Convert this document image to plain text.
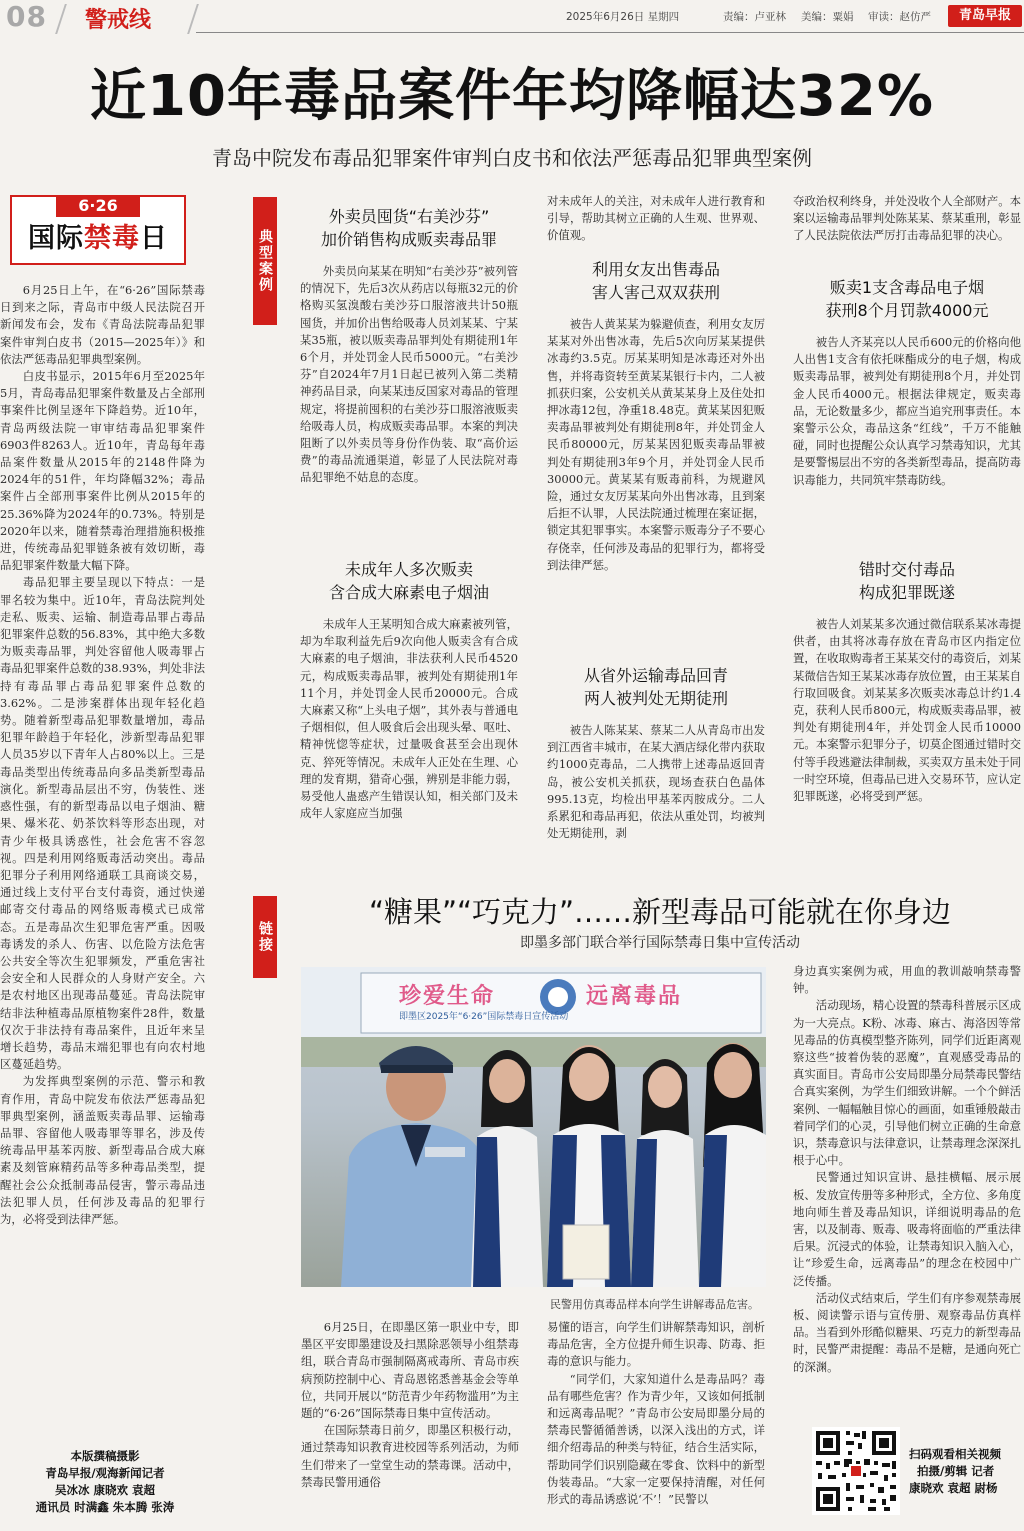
08 警戒线	2025年6月26日 星期四	责编：卢亚林 美编：粟娟 审读：赵仿严	青岛早报
近10年毒品案件年均降幅达32%
青岛中院发布毒品犯罪案件审判白皮书和依法严惩毒品犯罪典型案例
6·26
国际禁毒日

6月25日上午，在“6·26”国际禁毒日到来之际，青岛市中级人民法院召开新闻发布会，发布《青岛法院毒品犯罪案件审判白皮书（2015—2025年）》和依法严惩毒品犯罪典型案例。

白皮书显示，2015年6月至2025年5月，青岛毒品犯罪案件数量及占全部刑事案件比例呈逐年下降趋势。近10年，青岛两级法院一审审结毒品犯罪案件6903件8263人。近10年，青岛每年毒品案件数量从2015年的2148件降为2024年的51件，年均降幅32%；毒品案件占全部刑事案件比例从2015年的25.36%降为2024年的0.73%。特别是2020年以来，随着禁毒治理措施积极推进，传统毒品犯罪链条被有效切断，毒品犯罪案件数量大幅下降。

毒品犯罪主要呈现以下特点：一是罪名较为集中。近10年，青岛法院判处走私、贩卖、运输、制造毒品罪占毒品犯罪案件总数的56.83%，其中绝大多数为贩卖毒品罪，判处容留他人吸毒罪占毒品犯罪案件总数的38.93%，判处非法持有毒品罪占毒品犯罪案件总数的3.62%。二是涉案群体出现年轻化趋势。随着新型毒品犯罪数量增加，毒品犯罪年龄趋于年轻化，涉新型毒品犯罪人员35岁以下青年人占80%以上。三是毒品类型出传统毒品向多品类新型毒品演化。新型毒品层出不穷，伪装性、迷惑性强，有的新型毒品以电子烟油、糖果、爆米花、奶茶饮料等形态出现，对青少年极具诱惑性，社会危害不容忽视。四是利用网络贩毒活动突出。毒品犯罪分子利用网络通联工具商谈交易，通过线上支付平台支付毒资，通过快递邮寄交付毒品的网络贩毒模式已成常态。五是毒品次生犯罪危害严重。因吸毒诱发的杀人、伤害、以危险方法危害公共安全等次生犯罪频发，严重危害社会安全和人民群众的人身财产安全。六是农村地区出现毒品蔓延。青岛法院审结非法种植毒品原植物案件28件，数量仅次于非法持有毒品案件，且近年来呈增长趋势，毒品末端犯罪也有向农村地区蔓延趋势。

为发挥典型案例的示范、警示和教育作用，青岛中院发布依法严惩毒品犯罪典型案例，涵盖贩卖毒品罪、运输毒品罪、容留他人吸毒罪等罪名，涉及传统毒品甲基苯丙胺、新型毒品合成大麻素及刻管麻精药品等多种毒品类型，提醒社会公众抵制毒品侵害，警示毒品违法犯罪人员，任何涉及毒品的犯罪行为，必将受到法律严惩。

本版撰稿摄影
青岛早报/观海新闻记者
吴冰冰 康晓欢 袁超
通讯员 时满鑫 朱本腾 张涛
典型案例
链接
外卖员囤货“右美沙芬”
加价销售构成贩卖毒品罪

外卖员向某某在明知“右美沙芬”被列管的情况下，先后3次从药店以每瓶32元的价格购买氢溴酸右美沙芬口服溶液共计50瓶囤货，并加价出售给吸毒人员刘某某、宁某某35瓶，被以贩卖毒品罪判处有期徒刑1年6个月，并处罚金人民币5000元。“右美沙芬”自2024年7月1日起已被列入第二类精神药品目录，向某某违反国家对毒品的管理规定，将提前囤积的右美沙芬口服溶液贩卖给吸毒人员，构成贩卖毒品罪。本案的判决阻断了以外卖员等身份作伪装、取“高价运费”的毒品流通渠道，彰显了人民法院对毒品犯罪绝不姑息的态度。

未成年人多次贩卖
含合成大麻素电子烟油

未成年人王某明知合成大麻素被列管，却为牟取利益先后9次向他人贩卖含有合成大麻素的电子烟油，非法获利人民币4520元，构成贩卖毒品罪，被判处有期徒刑1年11个月，并处罚金人民币20000元。合成大麻素又称“上头电子烟”，其外表与普通电子烟相似，但人吸食后会出现头晕、呕吐、精神恍惚等症状，过量吸食甚至会出现休克、猝死等情况。未成年人正处在生理、心理的发育期，猎奇心强，辨别是非能力弱，易受他人蛊惑产生错误认知，相关部门及未成年人家庭应当加强

对未成年人的关注，对未成年人进行教育和引导，帮助其树立正确的人生观、世界观、价值观。

利用女友出售毒品
害人害己双双获刑

被告人黄某某为躲避侦查，利用女友厉某某对外出售冰毒，先后5次向厉某某提供冰毒约3.5克。厉某某明知是冰毒还对外出售，并将毒资转至黄某某银行卡内，二人被抓获归案，公安机关从黄某某身上及住处扣押冰毒12包，净重18.48克。黄某某因犯贩卖毒品罪被判处有期徒刑8年，并处罚金人民币80000元，厉某某因犯贩卖毒品罪被判处有期徒刑3年9个月，并处罚金人民币30000元。黄某某有贩毒前科，为规避风险，通过女友厉某某向外出售冰毒，且到案后拒不认罪，人民法院通过梳理在案证据，锁定其犯罪事实。本案警示贩毒分子不要心存侥幸，任何涉及毒品的犯罪行为，都将受到法律严惩。

从省外运输毒品回青
两人被判处无期徒刑

被告人陈某某、蔡某二人从青岛市出发到江西省丰城市，在某大酒店绿化带内获取约1000克毒品，二人携带上述毒品返回青岛，被公安机关抓获，现场查获白色晶体995.13克，均检出甲基苯丙胺成分。二人系累犯和毒品再犯，依法从重处罚，均被判处无期徒刑，剥

夺政治权利终身，并处没收个人全部财产。本案以运输毒品罪判处陈某某、蔡某重刑，彰显了人民法院依法严厉打击毒品犯罪的决心。

贩卖1支含毒品电子烟
获刑8个月罚款4000元

被告人齐某亮以人民币600元的价格向他人出售1支含有依托咪酯成分的电子烟，构成贩卖毒品罪，被判处有期徒刑8个月，并处罚金人民币4000元。根据法律规定，贩卖毒品，无论数量多少，都应当追究刑事责任。本案警示公众，毒品这条“红线”，千万不能触碰，同时也提醒公众认真学习禁毒知识，尤其是要警惕层出不穷的各类新型毒品，提高防毒识毒能力，共同筑牢禁毒防线。

错时交付毒品
构成犯罪既遂

被告人刘某某多次通过微信联系某冰毒提供者，由其将冰毒存放在青岛市区内指定位置，在收取购毒者王某某交付的毒资后，刘某某微信告知王某某冰毒存放位置，由王某某自行取回吸食。刘某某多次贩卖冰毒总计约1.4克，获利人民币800元，构成贩卖毒品罪，被判处有期徒刑4年，并处罚金人民币10000元。本案警示犯罪分子，切莫企图通过错时交付等手段逃避法律制裁，买卖双方虽未处于同一时空环境，但毒品已进入交易环节，应认定犯罪既遂，必将受到严惩。

“糖果”“巧克力”……新型毒品可能就在你身边
即墨多部门联合举行国际禁毒日集中宣传活动
珍爱生命	远离毒品
即墨区2025年“6·26”国际禁毒日宣传活动
民警用仿真毒品样本向学生讲解毒品危害。

6月25日，在即墨区第一职业中专，即墨区平安即墨建设及扫黑除恶领导小组禁毒组，联合青岛市强制隔离戒毒所、青岛市疾病预防控制中心、青岛恩铭悉善基金会等单位，共同开展以“防范青少年药物滥用”为主题的“6·26”国际禁毒日集中宣传活动。

在国际禁毒日前夕，即墨区积极行动，通过禁毒知识教育进校园等系列活动，为师生们带来了一堂堂生动的禁毒课。活动中，禁毒民警用通俗

易懂的语言，向学生们讲解禁毒知识，剖析毒品危害，全方位提升师生识毒、防毒、拒毒的意识与能力。

“同学们，大家知道什么是毒品吗？毒品有哪些危害？作为青少年，又该如何抵制和远离毒品呢？”青岛市公安局即墨分局的禁毒民警循循善诱，以深入浅出的方式，详细介绍毒品的种类与特征，结合生活实际，帮助同学们识别隐藏在零食、饮料中的新型伪装毒品。“大家一定要保持清醒，对任何形式的毒品诱惑说‘不’！”民警以

身边真实案例为戒，用血的教训敲响禁毒警钟。

活动现场，精心设置的禁毒科普展示区成为一大亮点。K粉、冰毒、麻古、海洛因等常见毒品的仿真模型整齐陈列，同学们近距离观察这些“披着伪装的恶魔”，直观感受毒品的真实面目。青岛市公安局即墨分局禁毒民警结合真实案例，为学生们细致讲解。一个个鲜活案例、一幅幅触目惊心的画面，如重锤般敲击着同学们的心灵，引导他们树立正确的生命意识，禁毒意识与法律意识，让禁毒理念深深扎根于心中。

民警通过知识宣讲、悬挂横幅、展示展板、发放宣传册等多种形式，全方位、多角度地向师生普及毒品知识，详细说明毒品的危害，以及制毒、贩毒、吸毒将面临的严重法律后果。沉浸式的体验，让禁毒知识入脑入心，让“珍爱生命，远离毒品”的理念在校园中广泛传播。

活动仪式结束后，学生们有序参观禁毒展板、阅读警示语与宣传册、观察毒品仿真样品。当看到外形酷似糖果、巧克力的新型毒品时，民警严肃提醒：毒品不是糖，是通向死亡的深渊。

扫码观看相关视频
拍摄/剪辑 记者
康晓欢 袁超 尉杨
